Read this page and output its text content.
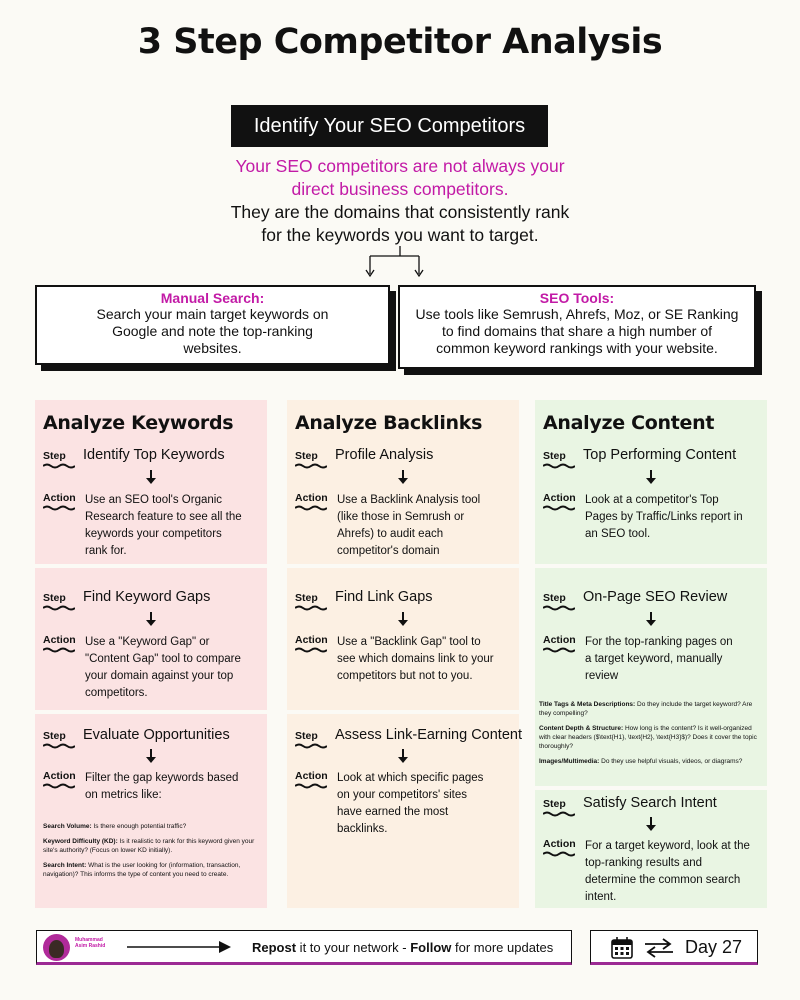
3 Step Competitor Analysis
Identify Your SEO Competitors
Your SEO competitors are not always your
direct business competitors.
They are the domains that consistently rank
for the keywords you want to target.
Manual Search:
Search your main target keywords on
Google and note the top-ranking
websites.
SEO Tools:
Use tools like Semrush, Ahrefs, Moz, or SE Ranking
to find domains that share a high number of
common keyword rankings with your website.
Analyze Keywords
Step Identify Top Keywords
Action Use an SEO tool's Organic
Research feature to see all the
keywords your competitors
rank for.
Step Find Keyword Gaps
Action Use a "Keyword Gap" or
"Content Gap" tool to compare
your domain against your top
competitors.
Step Evaluate Opportunities
Action Filter the gap keywords based
on metrics like:

Search Volume: Is there enough potential traffic?

Keyword Difficulty (KD): Is it realistic to rank for this keyword given your site's authority? (Focus on lower KD initially).

Search Intent: What is the user looking for (information, transaction, navigation)? This informs the type of content you need to create.

Analyze Backlinks
Step Profile Analysis
Action Use a Backlink Analysis tool
(like those in Semrush or
Ahrefs) to audit each
competitor's domain
Step Find Link Gaps
Action Use a "Backlink Gap" tool to
see which domains link to your
competitors but not to you.
Step Assess Link-Earning Content
Action Look at which specific pages
on your competitors' sites
have earned the most
backlinks.
Analyze Content
Step Top Performing Content
Action Look at a competitor's Top
Pages by Traffic/Links report in
an SEO tool.
Step On-Page SEO Review
Action For the top-ranking pages on
a target keyword, manually
review

Title Tags & Meta Descriptions: Do they include the target keyword? Are they compelling?

Content Depth & Structure: How long is the content? Is it well-organized with clear headers ($\text{H1}, \text{H2}, \text{H3}$)? Does it cover the topic thoroughly?

Images/Multimedia: Do they use helpful visuals, videos, or diagrams?

Step Satisfy Search Intent
Action For a target keyword, look at the
top-ranking results and
determine the common search
intent.
Muhammad
Asim Rashid	Repost it to your network - Follow for more updates	Day 27
